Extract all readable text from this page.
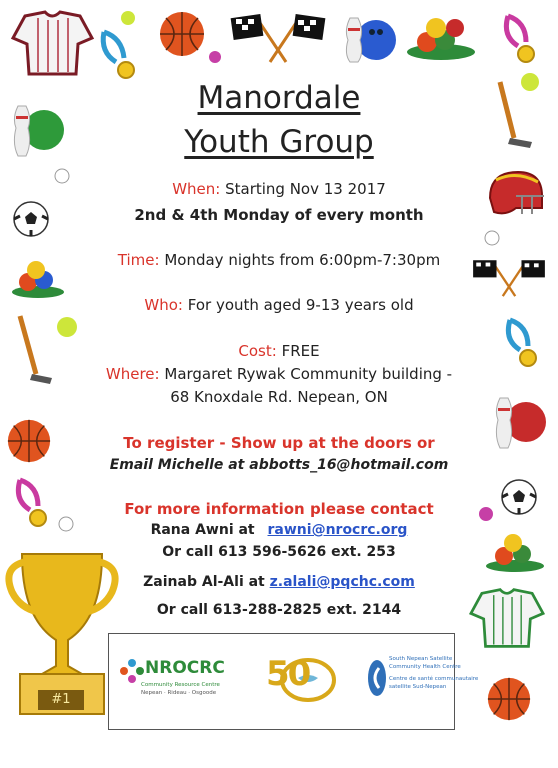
#1
Manordale
Youth Group
When: Starting Nov 13 2017
2nd & 4th Monday of every month
Time: Monday nights from 6:00pm-7:30pm
Who: For youth aged 9-13 years old
Cost: FREE
Where: Margaret Rywak Community building -
68 Knoxdale Rd. Nepean, ON
To register - Show up at the doors or
Email Michelle at abbotts_16@hotmail.com
For more information please contact
Rana Awni at rawni@nrocrc.org
Or call 613 596-5626 ext. 253
Zainab Al-Ali at z.alali@pqchc.com
Or call 613-288-2825 ext. 2144
NROCRC
Community Resource Centre
Nepean · Rideau · Osgoode 50	South Nepean Satellite
Community Health Centre
Centre de santé communautaire
satellite Sud-Nepean
